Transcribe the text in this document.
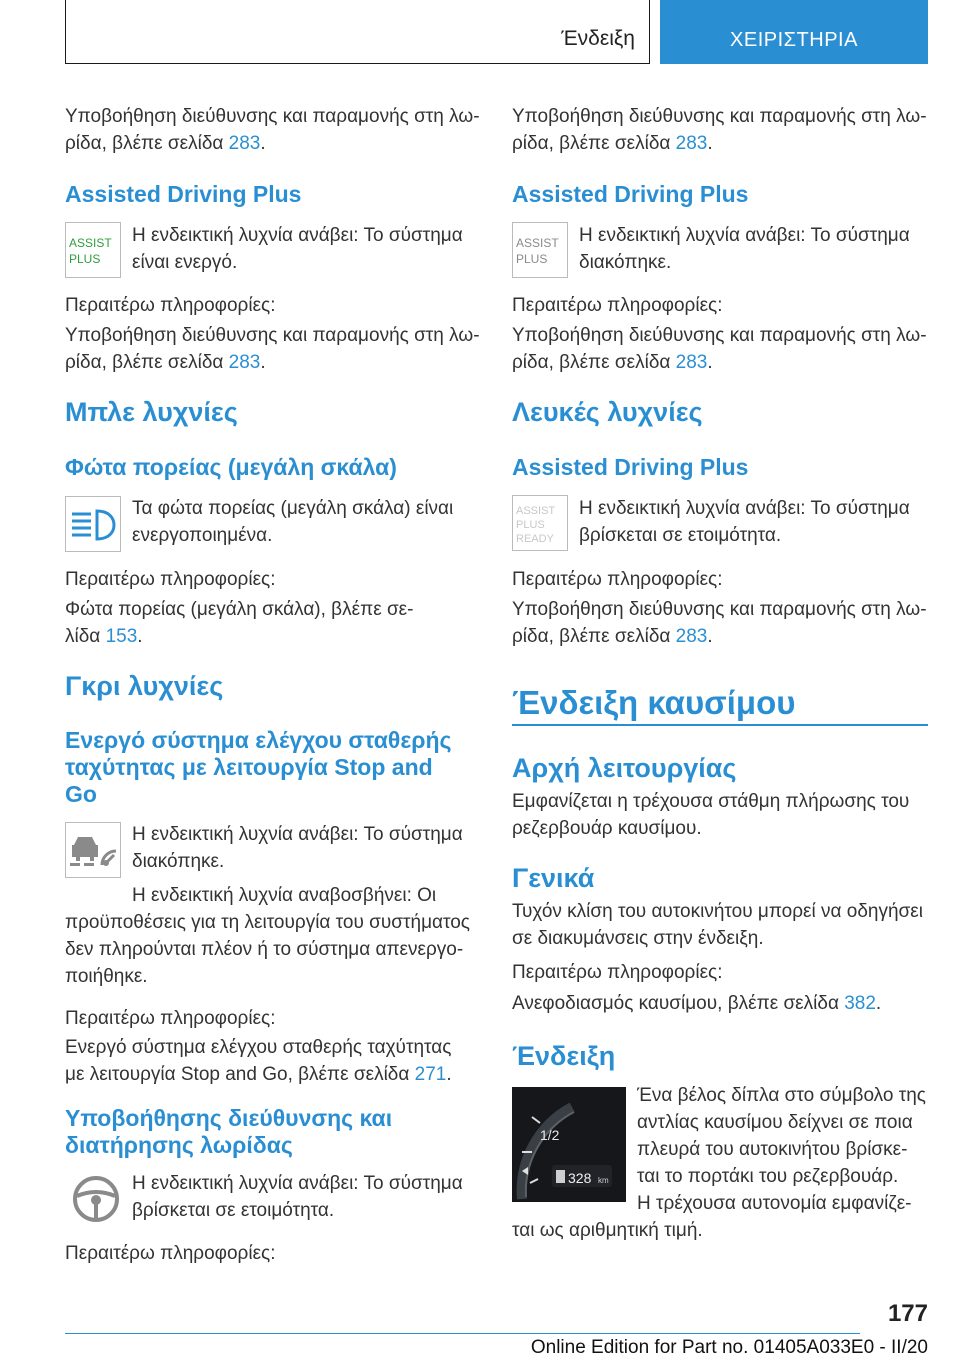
Ένδειξη	ΧΕΙΡΙΣΤΗΡΙΑ
Υποβοήθηση διεύθυνσης και παραμονής στη λω-
ρίδα, βλέπε σελίδα 283.
Assisted Driving Plus
ASSIST
PLUS
Η ενδεικτική λυχνία ανάβει: Το σύστημα
είναι ενεργό.
Περαιτέρω πληροφορίες:
Υποβοήθηση διεύθυνσης και παραμονής στη λω-
ρίδα, βλέπε σελίδα 283.
Μπλε λυχνίες
Φώτα πορείας (μεγάλη σκάλα)
Τα φώτα πορείας (μεγάλη σκάλα) είναι
ενεργοποιημένα.
Περαιτέρω πληροφορίες:
Φώτα πορείας (μεγάλη σκάλα), βλέπε σε-
λίδα 153.
Γκρι λυχνίες
Ενεργό σύστημα ελέγχου σταθερής
ταχύτητας με λειτουργία Stop and
Go
Η ενδεικτική λυχνία ανάβει: Το σύστημα
διακόπηκε.
Η ενδεικτική λυχνία αναβοσβήνει: Οι
προϋποθέσεις για τη λειτουργία του συστήματος
δεν πληρούνται πλέον ή το σύστημα απενεργο-
ποιήθηκε.
Περαιτέρω πληροφορίες:
Ενεργό σύστημα ελέγχου σταθερής ταχύτητας
με λειτουργία Stop and Go, βλέπε σελίδα 271.
Υποβοήθησης διεύθυνσης και
διατήρησης λωρίδας
Η ενδεικτική λυχνία ανάβει: Το σύστημα
βρίσκεται σε ετοιμότητα.
Περαιτέρω πληροφορίες:
Υποβοήθηση διεύθυνσης και παραμονής στη λω-
ρίδα, βλέπε σελίδα 283.
Assisted Driving Plus
ASSIST
PLUS
Η ενδεικτική λυχνία ανάβει: Το σύστημα
διακόπηκε.
Περαιτέρω πληροφορίες:
Υποβοήθηση διεύθυνσης και παραμονής στη λω-
ρίδα, βλέπε σελίδα 283.
Λευκές λυχνίες
Assisted Driving Plus
ASSIST
PLUS
READY
Η ενδεικτική λυχνία ανάβει: Το σύστημα
βρίσκεται σε ετοιμότητα.
Περαιτέρω πληροφορίες:
Υποβοήθηση διεύθυνσης και παραμονής στη λω-
ρίδα, βλέπε σελίδα 283.
Ένδειξη καυσίμου
Αρχή λειτουργίας
Εμφανίζεται η τρέχουσα στάθμη πλήρωσης του
ρεζερβουάρ καυσίμου.
Γενικά
Τυχόν κλίση του αυτοκινήτου μπορεί να οδηγήσει
σε διακυμάνσεις στην ένδειξη.
Περαιτέρω πληροφορίες:
Ανεφοδιασμός καυσίμου, βλέπε σελίδα 382.
Ένδειξη
328 km
1/2
Ένα βέλος δίπλα στο σύμβολο της
αντλίας καυσίμου δείχνει σε ποια
πλευρά του αυτοκινήτου βρίσκε-
ται το πορτάκι του ρεζερβουάρ.
Η τρέχουσα αυτονομία εμφανίζε-
ται ως αριθμητική τιμή.
177
Online Edition for Part no. 01405A033E0 - II/20
